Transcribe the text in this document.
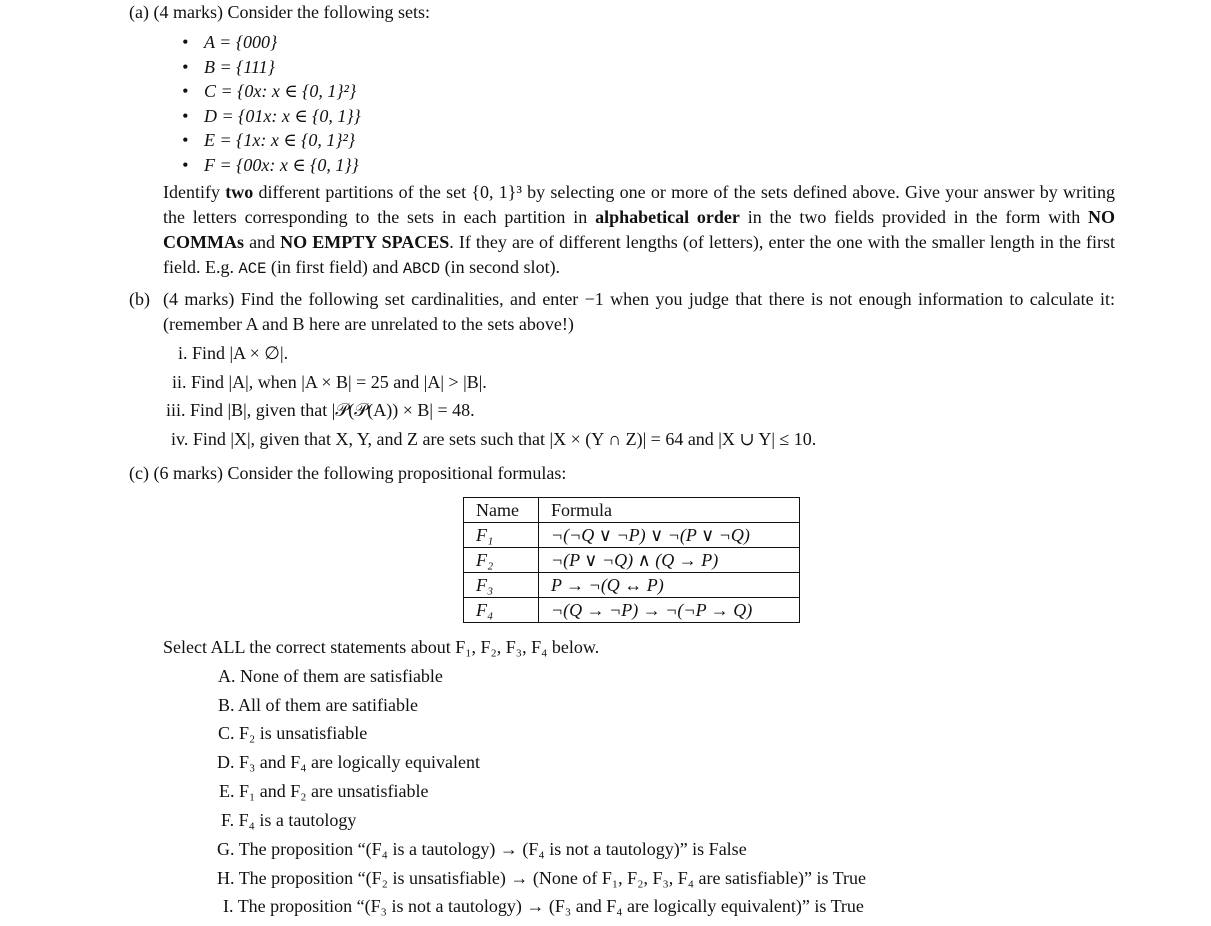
(a) (4 marks) Consider the following sets:
• A = {000}
• B = {111}
• C = {0x: x ∈ {0, 1}²}
• D = {01x: x ∈ {0, 1}}
• E = {1x: x ∈ {0, 1}²}
• F = {00x: x ∈ {0, 1}}
Identify two different partitions of the set {0, 1}³ by selecting one or more of the sets defined above. Give your answer by writing the letters corresponding to the sets in each partition in alphabetical order in the two fields provided in the form with NO COMMAs and NO EMPTY SPACES. If they are of different lengths (of letters), enter the one with the smaller length in the first field. E.g. ACE (in first field) and ABCD (in second slot).
(b) (4 marks) Find the following set cardinalities, and enter −1 when you judge that there is not enough information to calculate it: (remember A and B here are unrelated to the sets above!)
i. Find |A × ∅|.
ii. Find |A|, when |A × B| = 25 and |A| > |B|.
iii. Find |B|, given that |𝒫(𝒫(A)) × B| = 48.
iv. Find |X|, given that X, Y, and Z are sets such that |X × (Y ∩ Z)| = 64 and |X ∪ Y| ≤ 10.
(c) (6 marks) Consider the following propositional formulas:
Name	Formula
F₁	¬(¬Q ∨ ¬P) ∨ ¬(P ∨ ¬Q)
F₂	¬(P ∨ ¬Q) ∧ (Q → P)
F₃	P → ¬(Q ↔ P)
F₄	¬(Q → ¬P) → ¬(¬P → Q)
Select ALL the correct statements about F₁, F₂, F₃, F₄ below.
A. None of them are satisfiable
B. All of them are satifiable
C. F₂ is unsatisfiable
D. F₃ and F₄ are logically equivalent
E. F₁ and F₂ are unsatisfiable
F. F₄ is a tautology
G. The proposition “(F₄ is a tautology) → (F₄ is not a tautology)” is False
H. The proposition “(F₂ is unsatisfiable) → (None of F₁, F₂, F₃, F₄ are satisfiable)” is True
I. The proposition “(F₃ is not a tautology) → (F₃ and F₄ are logically equivalent)” is True
